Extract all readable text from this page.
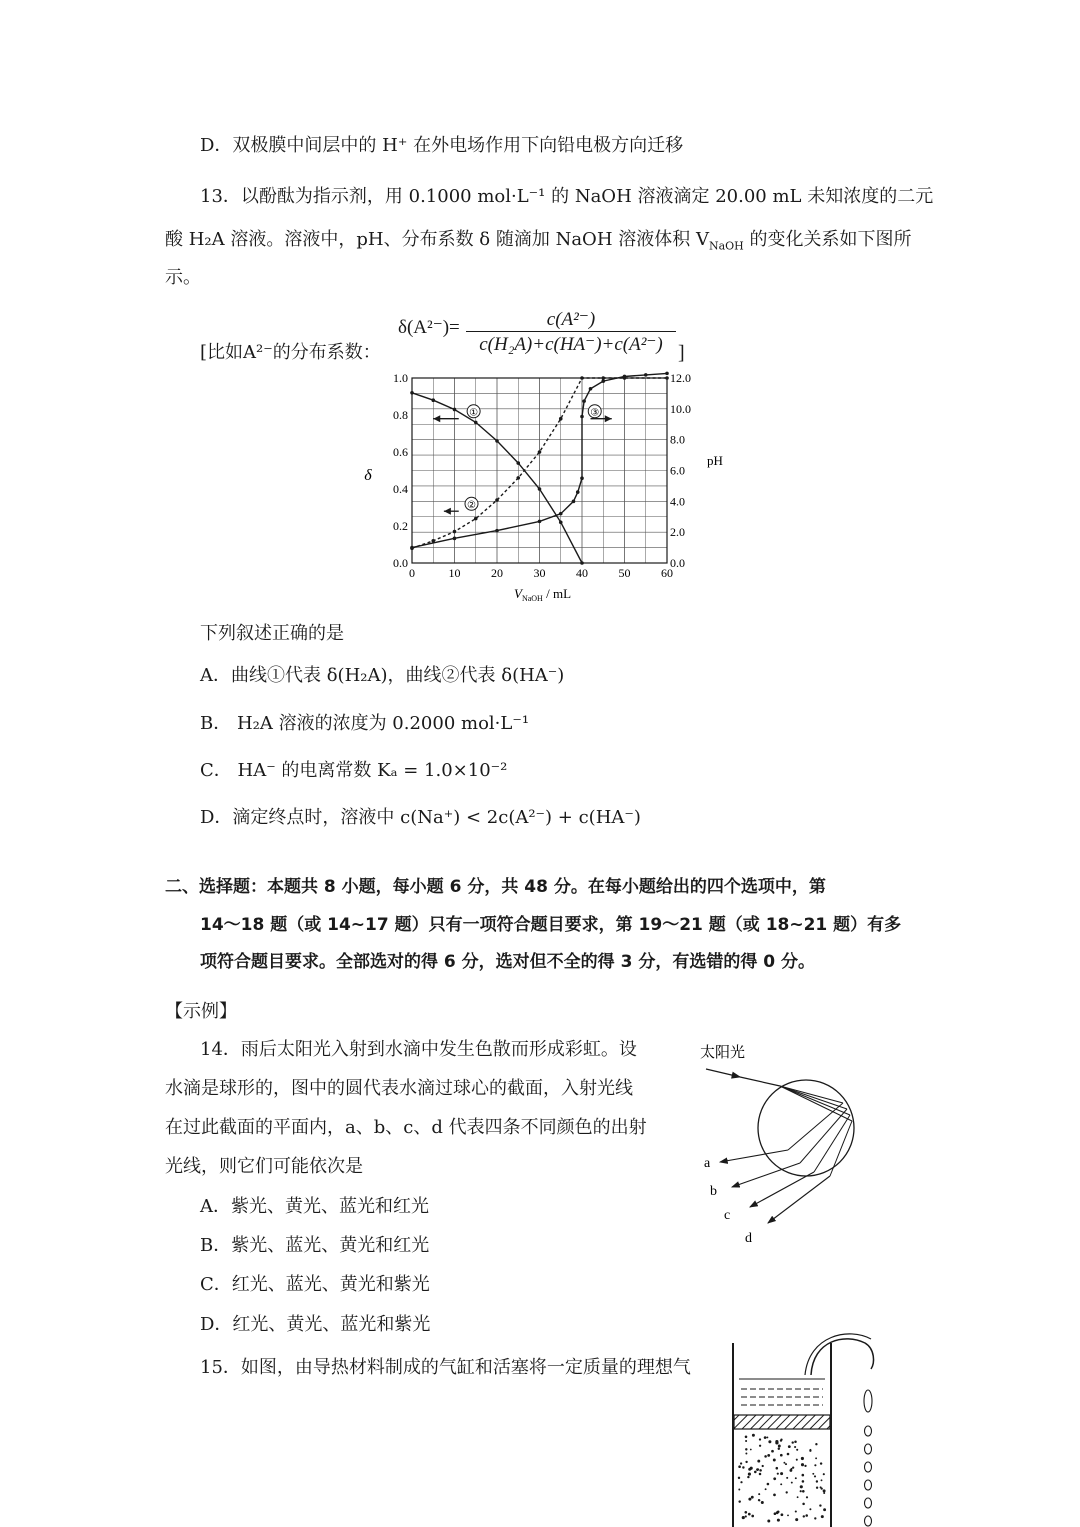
D．双极膜中间层中的 H⁺ 在外电场作用下向铅电极方向迁移
13．以酚酞为指示剂，用 0.1000 mol·L⁻¹ 的 NaOH 溶液滴定 20.00 mL 未知浓度的二元
酸 H₂A 溶液。溶液中，pH、分布系数 δ 随滴加 NaOH 溶液体积 $V_{NaOH}$ 的变化关系如下图所
示。
[比如A²⁻的分布系数：
δ(A²⁻)=	c(A²⁻)
c(H₂A)+c(HA⁻)+c(A²⁻) ]
0	10	20	30	40	50	60
0.0
0.2
0.4
0.6
0.8
1.0
0.0
2.0
4.0
6.0
8.0
10.0
12.0
δ
pH
$V_{NaOH}$ / mL
①
②
③
下列叙述正确的是
A．曲线①代表 δ(H₂A)，曲线②代表 δ(HA⁻)
B． H₂A 溶液的浓度为 0.2000 mol·L⁻¹
C． HA⁻ 的电离常数 Kₐ = 1.0×10⁻²
D．滴定终点时，溶液中 c(Na⁺) < 2c(A²⁻) + c(HA⁻)
二、选择题：本题共 8 小题，每小题 6 分，共 48 分。在每小题给出的四个选项中，第
14～18 题（或 14~17 题）只有一项符合题目要求，第 19～21 题（或 18~21 题）有多
项符合题目要求。全部选对的得 6 分，选对但不全的得 3 分，有选错的得 0 分。
【示例】
14．雨后太阳光入射到水滴中发生色散而形成彩虹。设
水滴是球形的，图中的圆代表水滴过球心的截面，入射光线
在过此截面的平面内，a、b、c、d 代表四条不同颜色的出射
光线，则它们可能依次是
A．紫光、黄光、蓝光和红光
B．紫光、蓝光、黄光和红光
C．红光、蓝光、黄光和紫光
D．红光、黄光、蓝光和紫光
太阳光
a
b
c
d
15．如图，由导热材料制成的气缸和活塞将一定质量的理想气
